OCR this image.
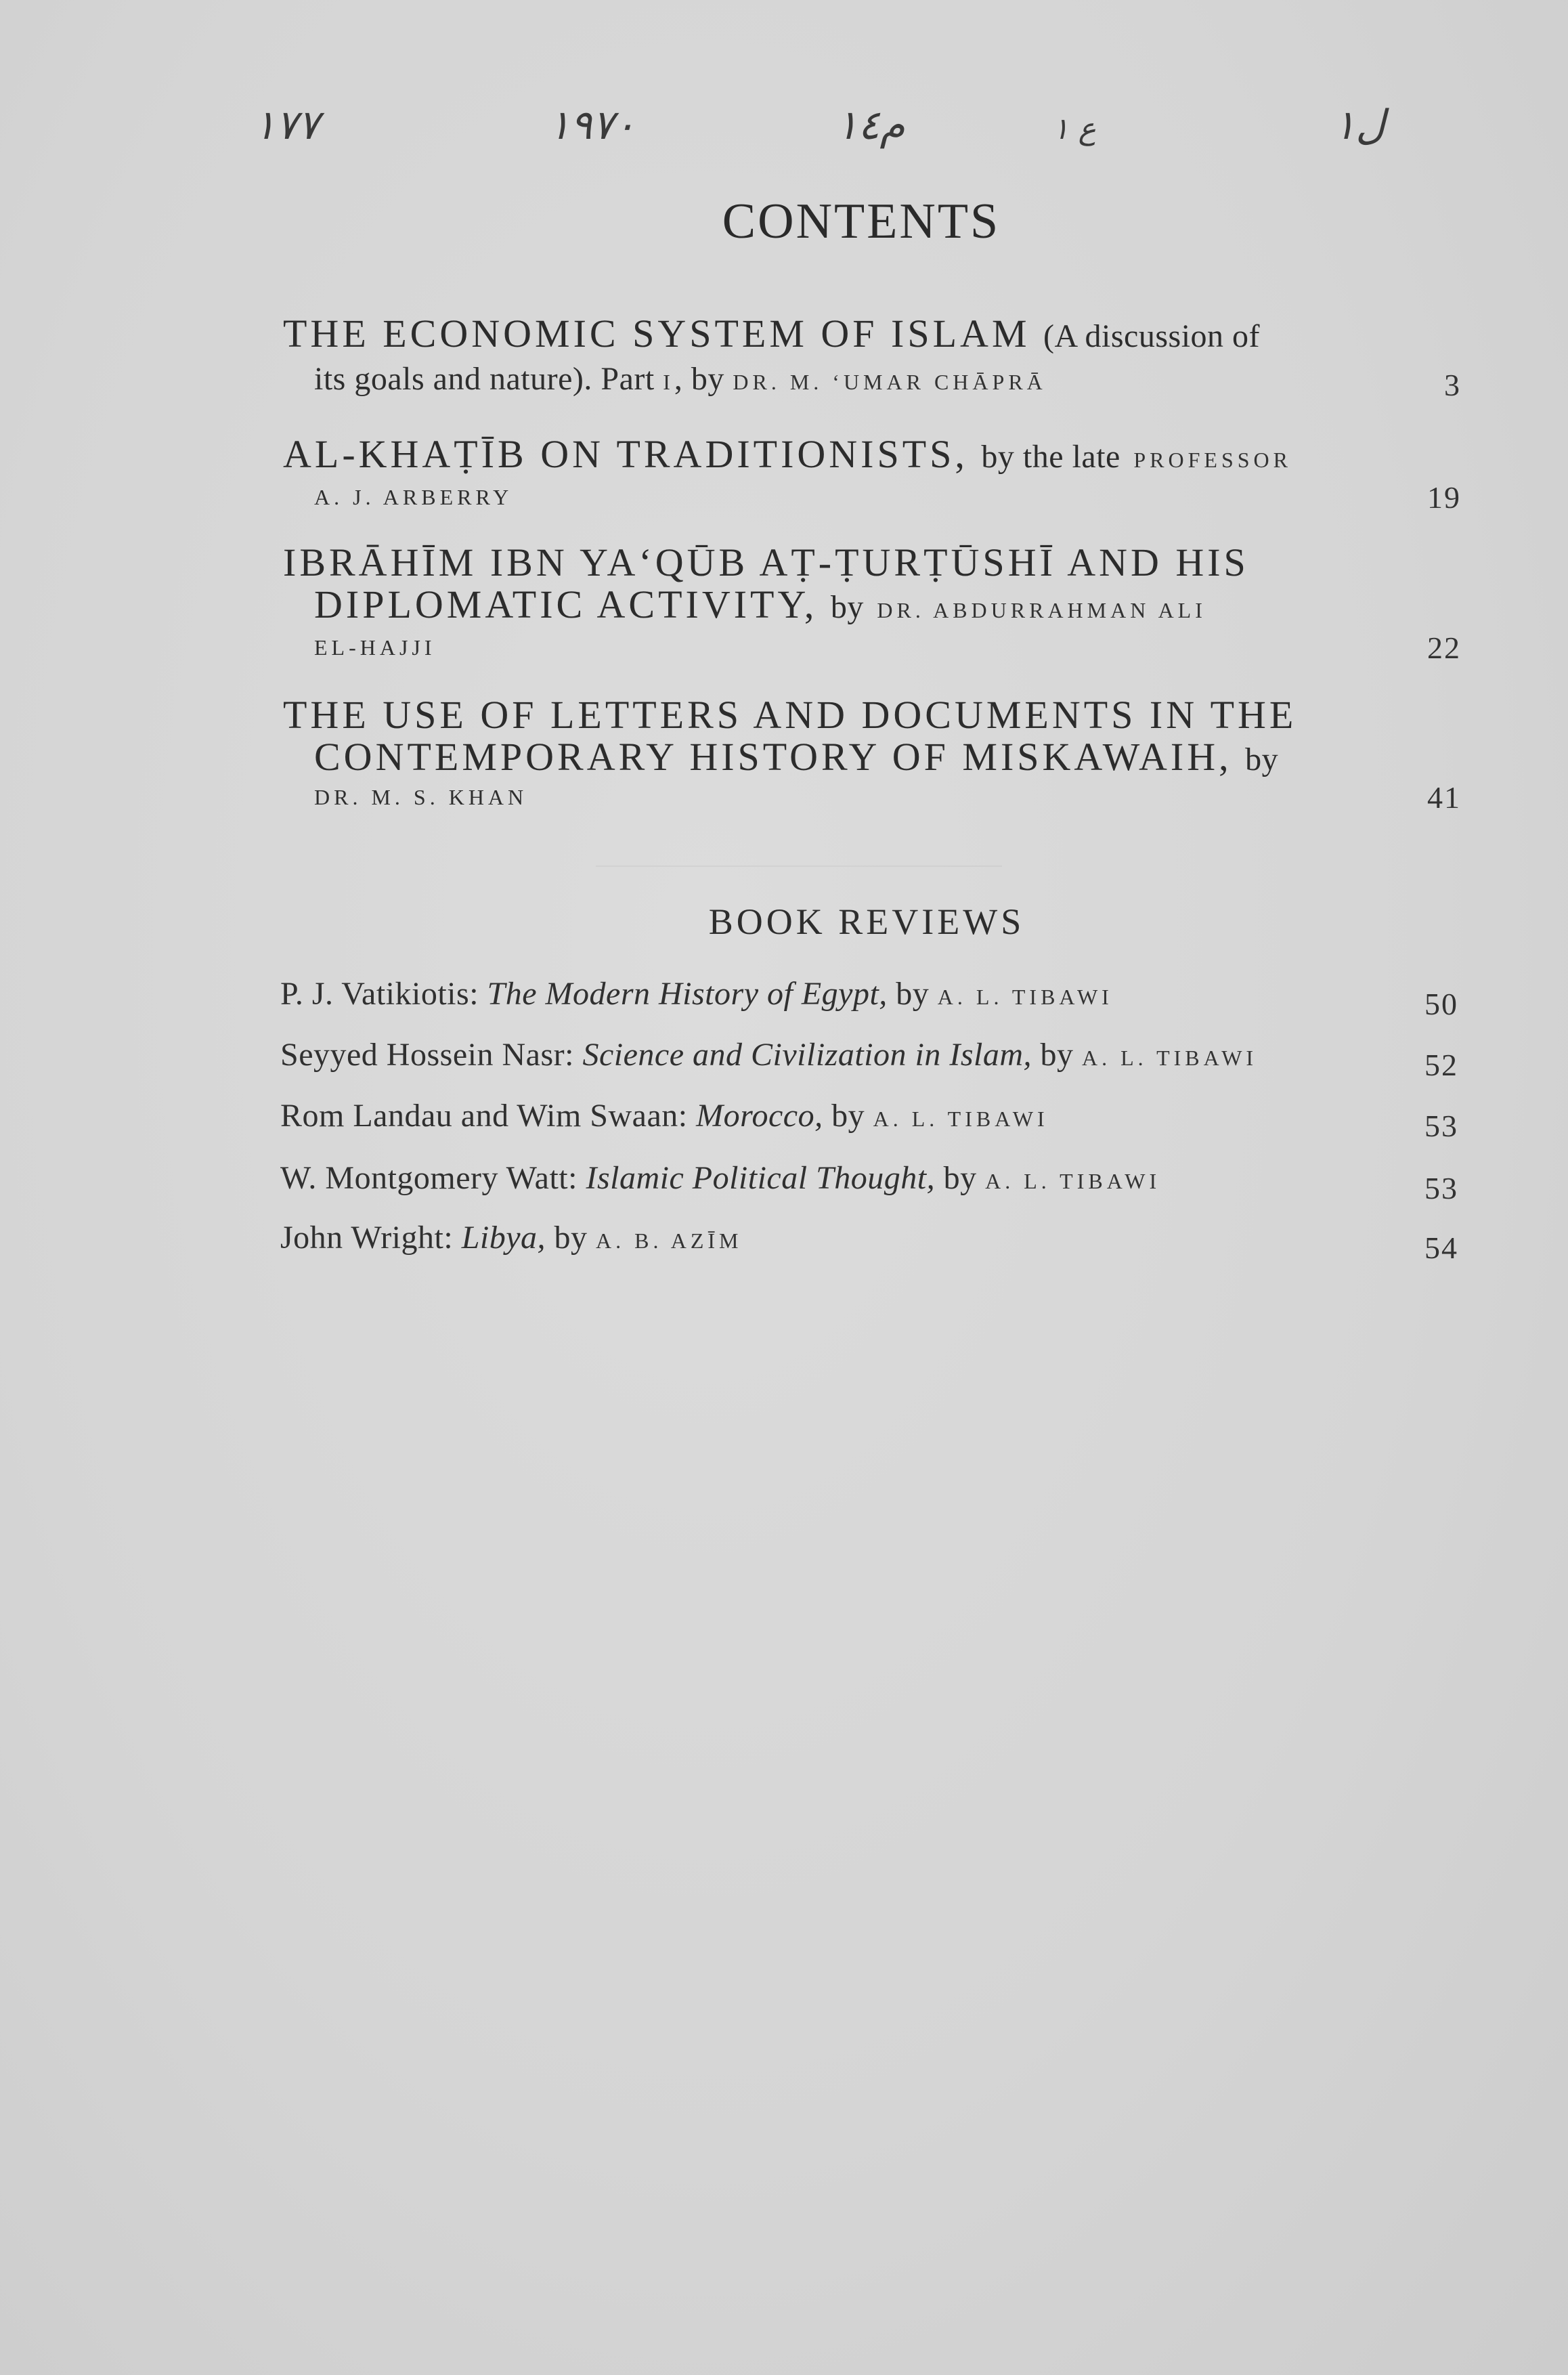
١٧٧	١٩٧٠	م١٤	ع ١	ل١
CONTENTS
THE ECONOMIC SYSTEM OF ISLAM (A discussion of
its goals and nature). Part I, by DR. M. ʻUMAR CHĀPRĀ	3
AL-KHAṬĪB ON TRADITIONISTS, by the late PROFESSOR
A. J. ARBERRY	19
IBRĀHĪM IBN YAʻQŪB AṬ-ṬURṬŪSHĪ AND HIS
DIPLOMATIC ACTIVITY, by DR. ABDURRAHMAN ALI
EL-HAJJI	22
THE USE OF LETTERS AND DOCUMENTS IN THE
CONTEMPORARY HISTORY OF MISKAWAIH, by
DR. M. S. KHAN	41
BOOK REVIEWS
P. J. Vatikiotis: The Modern History of Egypt, by A. L. TIBAWI	50
Seyyed Hossein Nasr: Science and Civilization in Islam, by A. L. TIBAWI	52
Rom Landau and Wim Swaan: Morocco, by A. L. TIBAWI	53
W. Montgomery Watt: Islamic Political Thought, by A. L. TIBAWI	53
John Wright: Libya, by A. B. AZĪM	54
